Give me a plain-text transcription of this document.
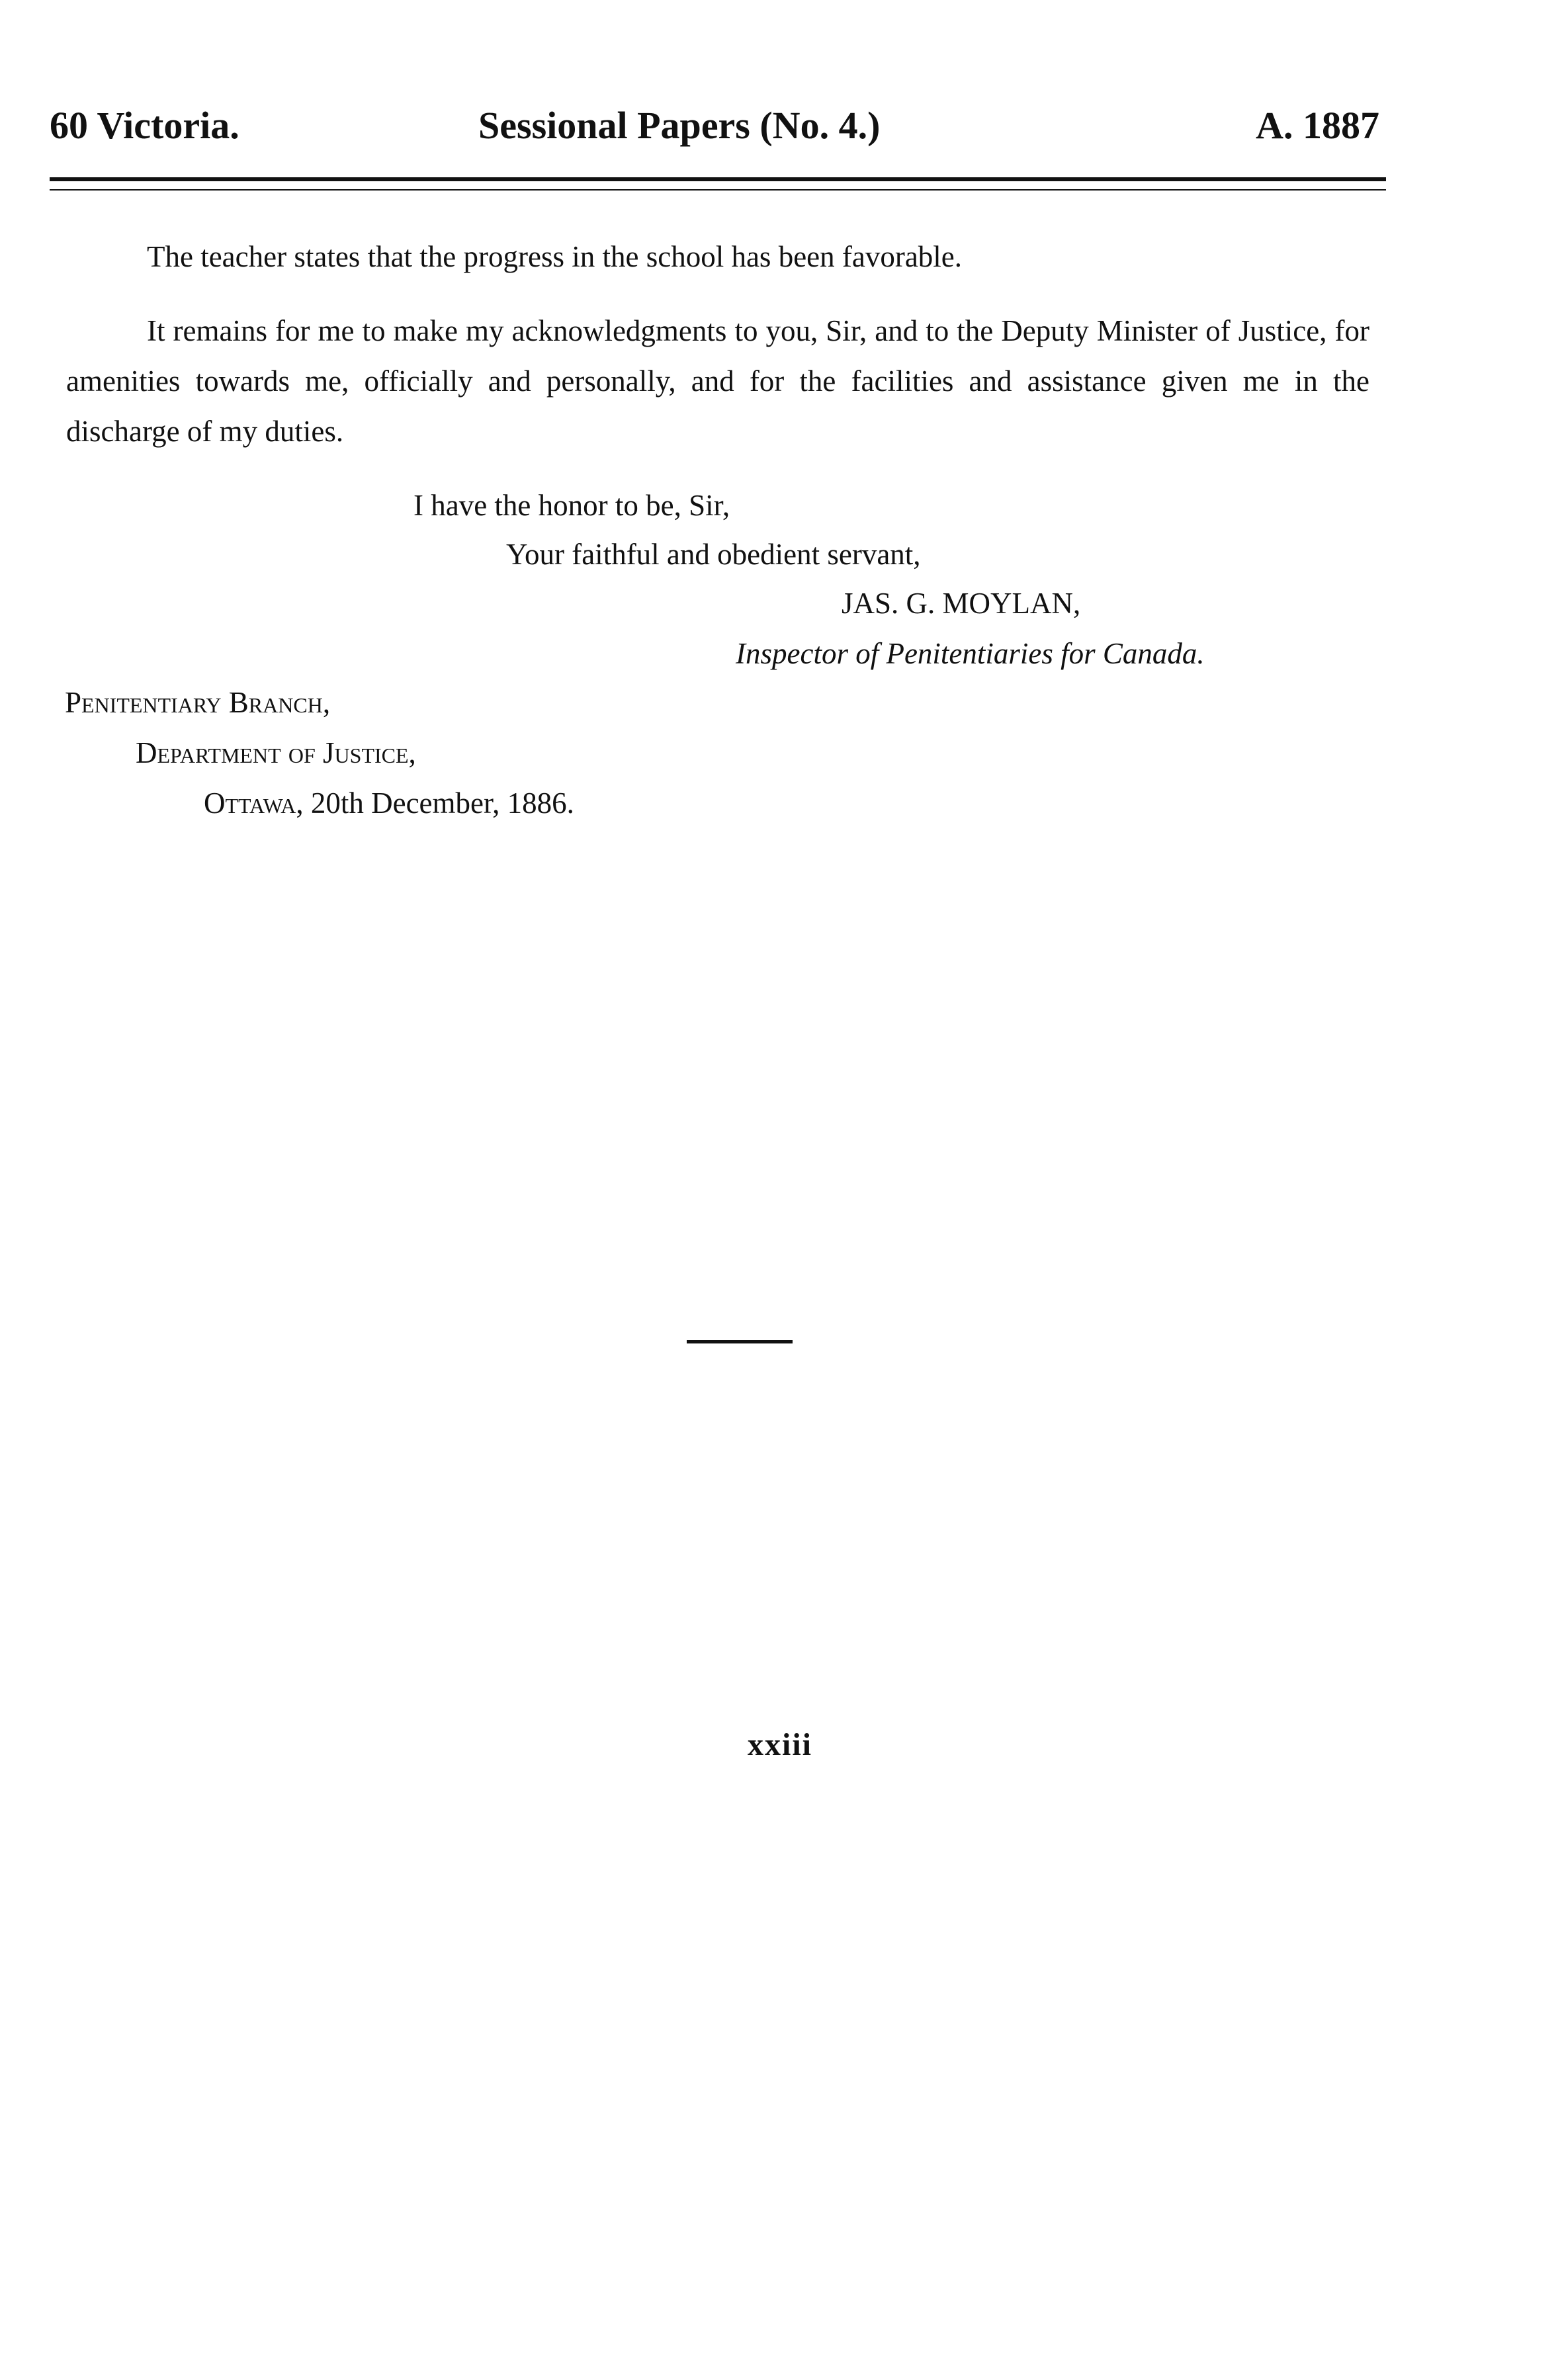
60 Victoria.	Sessional Papers (No. 4.)	A. 1887
The teacher states that the progress in the school has been favorable.
It remains for me to make my acknowledgments to you, Sir, and to the Deputy Minister of Justice, for amenities towards me, officially and personally, and for the facilities and assistance given me in the discharge of my duties.
I have the honor to be, Sir,
Your faithful and obedient servant,
JAS. G. MOYLAN,
Inspector of Penitentiaries for Canada.
Penitentiary Branch,
Department of Justice,
Ottawa, 20th December, 1886.
xxiii
